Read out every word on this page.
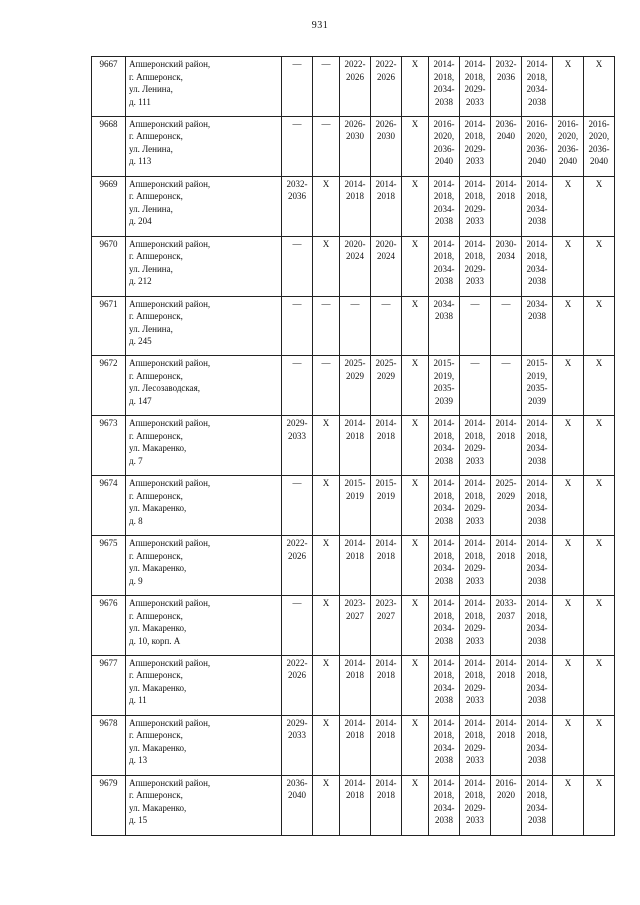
931
9667	Апшеронский район,
г. Апшеронск,
ул. Ленина,
д. 111	—	—	2022-
2026	2022-
2026	X	2014-
2018,
2034-
2038	2014-
2018,
2029-
2033	2032-
2036	2014-
2018,
2034-
2038	X	X
9668	Апшеронский район,
г. Апшеронск,
ул. Ленина,
д. 113	—	—	2026-
2030	2026-
2030	X	2016-
2020,
2036-
2040	2014-
2018,
2029-
2033	2036-
2040	2016-
2020,
2036-
2040	2016-
2020,
2036-
2040	2016-
2020,
2036-
2040
9669	Апшеронский район,
г. Апшеронск,
ул. Ленина,
д. 204	2032-
2036	X	2014-
2018	2014-
2018	X	2014-
2018,
2034-
2038	2014-
2018,
2029-
2033	2014-
2018	2014-
2018,
2034-
2038	X	X
9670	Апшеронский район,
г. Апшеронск,
ул. Ленина,
д. 212	—	X	2020-
2024	2020-
2024	X	2014-
2018,
2034-
2038	2014-
2018,
2029-
2033	2030-
2034	2014-
2018,
2034-
2038	X	X
9671	Апшеронский район,
г. Апшеронск,
ул. Ленина,
д. 245	—	—	—	—	X	2034-
2038	—	—	2034-
2038	X	X
9672	Апшеронский район,
г. Апшеронск,
ул. Лесозаводская,
д. 147	—	—	2025-
2029	2025-
2029	X	2015-
2019,
2035-
2039	—	—	2015-
2019,
2035-
2039	X	X
9673	Апшеронский район,
г. Апшеронск,
ул. Макаренко,
д. 7	2029-
2033	X	2014-
2018	2014-
2018	X	2014-
2018,
2034-
2038	2014-
2018,
2029-
2033	2014-
2018	2014-
2018,
2034-
2038	X	X
9674	Апшеронский район,
г. Апшеронск,
ул. Макаренко,
д. 8	—	X	2015-
2019	2015-
2019	X	2014-
2018,
2034-
2038	2014-
2018,
2029-
2033	2025-
2029	2014-
2018,
2034-
2038	X	X
9675	Апшеронский район,
г. Апшеронск,
ул. Макаренко,
д. 9	2022-
2026	X	2014-
2018	2014-
2018	X	2014-
2018,
2034-
2038	2014-
2018,
2029-
2033	2014-
2018	2014-
2018,
2034-
2038	X	X
9676	Апшеронский район,
г. Апшеронск,
ул. Макаренко,
д. 10, корп. А	—	X	2023-
2027	2023-
2027	X	2014-
2018,
2034-
2038	2014-
2018,
2029-
2033	2033-
2037	2014-
2018,
2034-
2038	X	X
9677	Апшеронский район,
г. Апшеронск,
ул. Макаренко,
д. 11	2022-
2026	X	2014-
2018	2014-
2018	X	2014-
2018,
2034-
2038	2014-
2018,
2029-
2033	2014-
2018	2014-
2018,
2034-
2038	X	X
9678	Апшеронский район,
г. Апшеронск,
ул. Макаренко,
д. 13	2029-
2033	X	2014-
2018	2014-
2018	X	2014-
2018,
2034-
2038	2014-
2018,
2029-
2033	2014-
2018	2014-
2018,
2034-
2038	X	X
9679	Апшеронский район,
г. Апшеронск,
ул. Макаренко,
д. 15	2036-
2040	X	2014-
2018	2014-
2018	X	2014-
2018,
2034-
2038	2014-
2018,
2029-
2033	2016-
2020	2014-
2018,
2034-
2038	X	X
